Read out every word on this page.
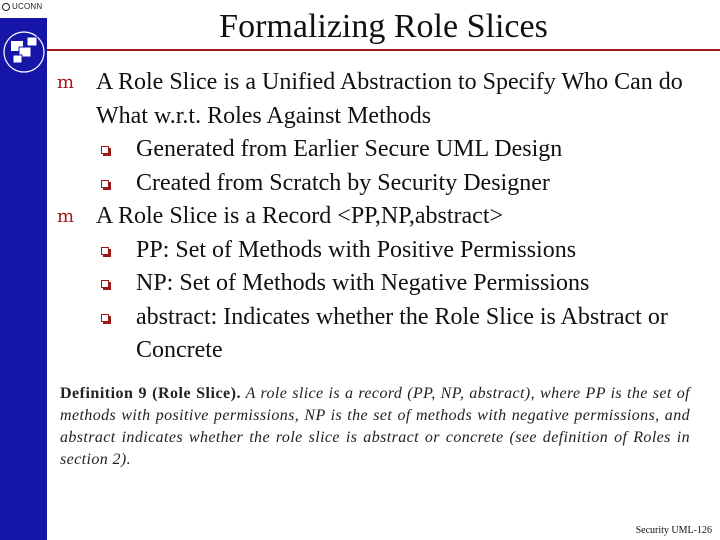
UCONN
Formalizing Role Slices
m A Role Slice is a Unified Abstraction to Specify Who Can do What w.r.t. Roles Against Methods
Generated from Earlier Secure UML Design
Created from Scratch by Security Designer
m A Role Slice is a Record <PP,NP,abstract>
PP: Set of Methods with Positive Permissions
NP: Set of Methods with Negative Permissions
abstract: Indicates whether the Role Slice is Abstract or Concrete
Definition 9 (Role Slice). A role slice is a record (PP, NP, abstract), where PP is the set of methods with positive permissions, NP is the set of methods with negative permissions, and abstract indicates whether the role slice is abstract or concrete (see definition of Roles in section 2).
Security UML-126
